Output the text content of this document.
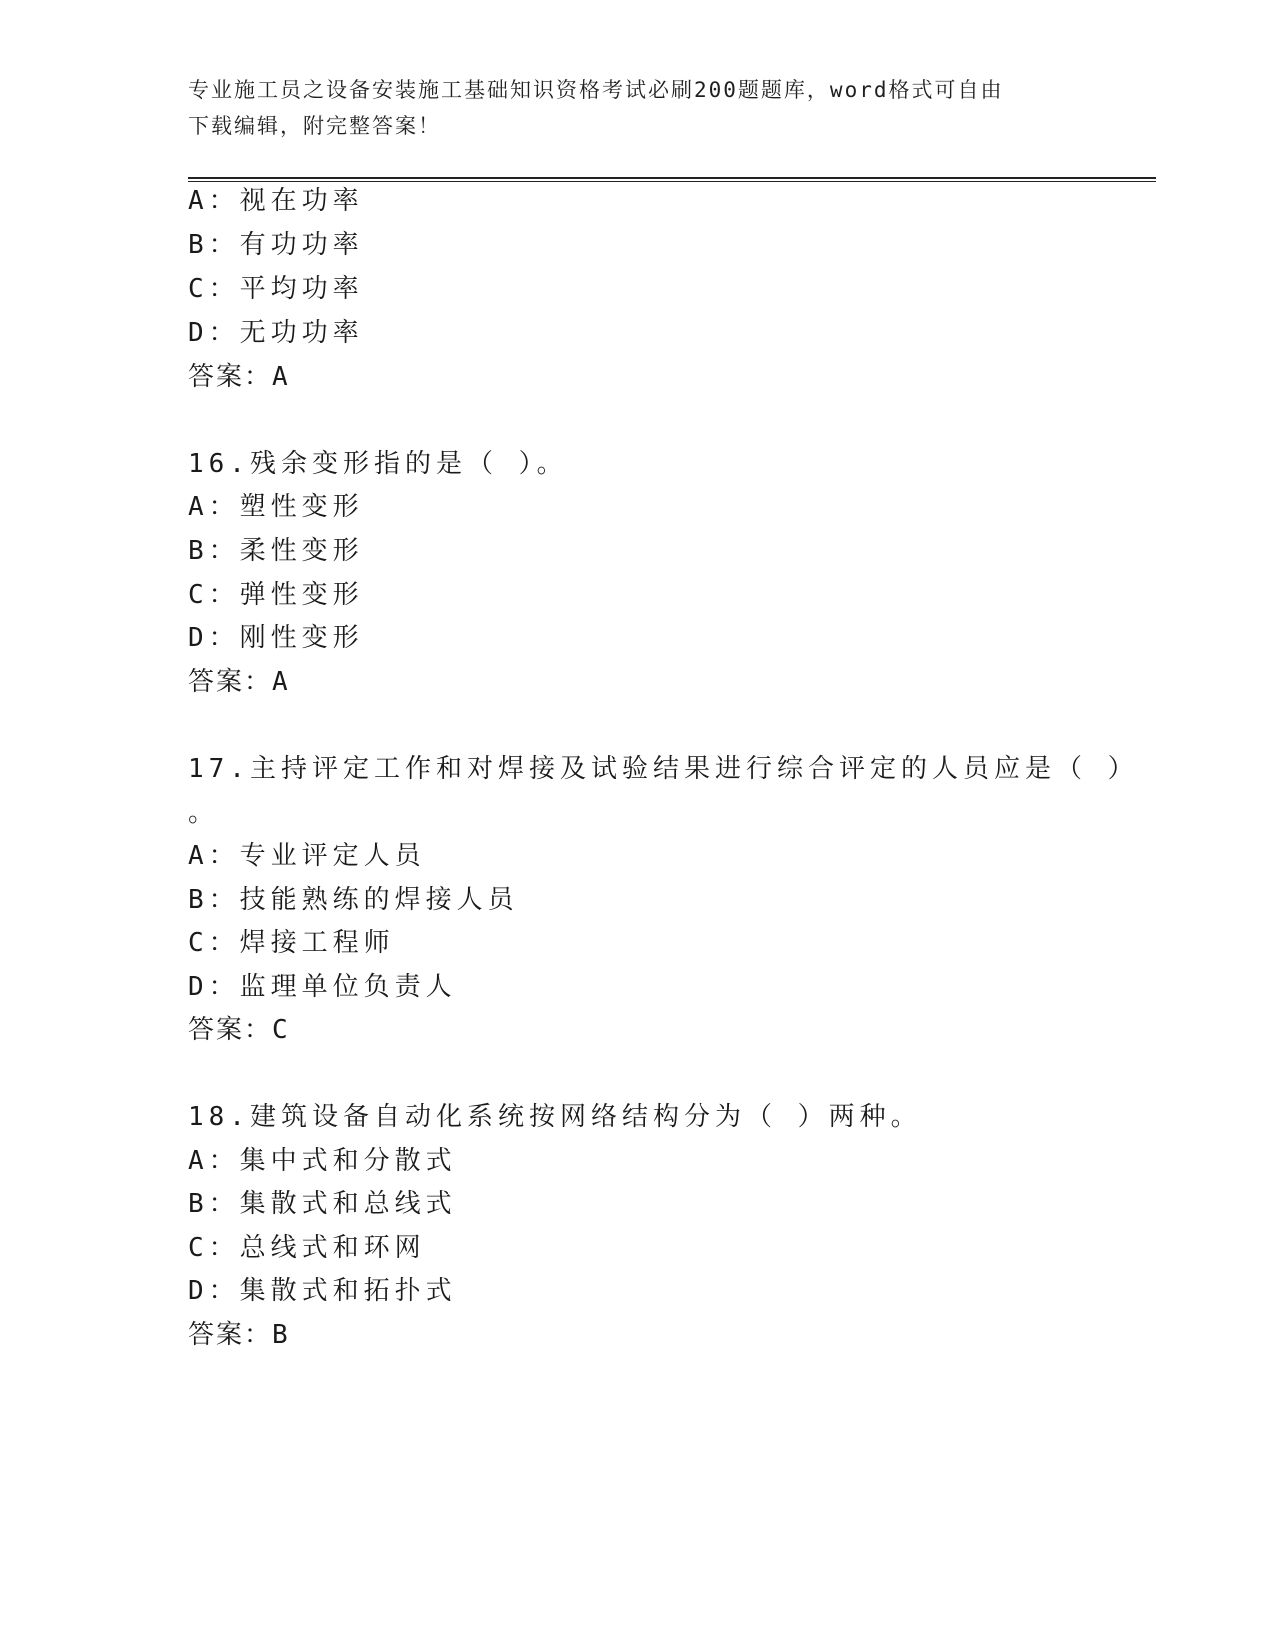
专业施工员之设备安装施工基础知识资格考试必刷200题题库，word格式可自由
下载编辑，附完整答案！
A：视在功率
B：有功功率
C：平均功率
D：无功功率
答案：A
16.残余变形指的是（ ）。
A：塑性变形
B：柔性变形
C：弹性变形
D：刚性变形
答案：A
17.主持评定工作和对焊接及试验结果进行综合评定的人员应是（ ）
。
A：专业评定人员
B：技能熟练的焊接人员
C：焊接工程师
D：监理单位负责人
答案：C
18.建筑设备自动化系统按网络结构分为（ ）两种。
A：集中式和分散式
B：集散式和总线式
C：总线式和环网
D：集散式和拓扑式
答案：B
